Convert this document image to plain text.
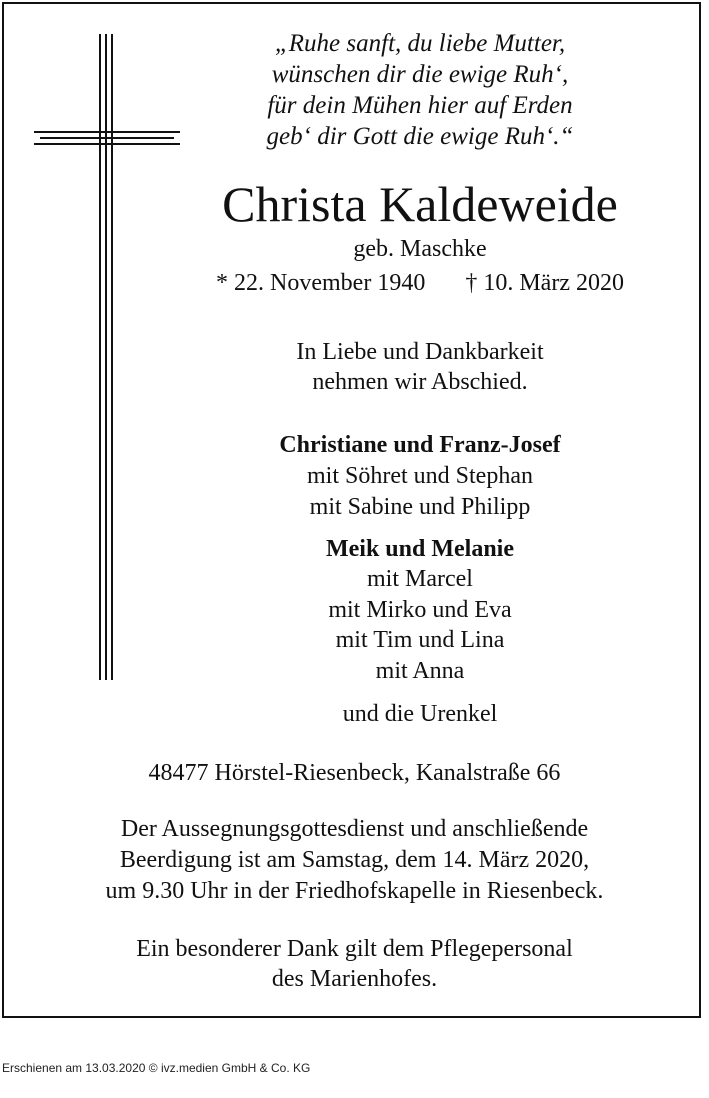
„Ruhe sanft, du liebe Mutter,
wünschen dir die ewige Ruh‘,
für dein Mühen hier auf Erden
geb‘ dir Gott die ewige Ruh‘.“
Christa Kaldeweide
geb. Maschke
* 22. November 1940 † 10. März 2020
In Liebe und Dankbarkeit
nehmen wir Abschied.
Christiane und Franz-Josef
mit Söhret und Stephan
mit Sabine und Philipp
Meik und Melanie
mit Marcel
mit Mirko und Eva
mit Tim und Lina
mit Anna
und die Urenkel
48477 Hörstel-Riesenbeck, Kanalstraße 66
Der Aussegnungsgottesdienst und anschließende
Beerdigung ist am Samstag, dem 14. März 2020,
um 9.30 Uhr in der Friedhofskapelle in Riesenbeck.
Ein besonderer Dank gilt dem Pflegepersonal
des Marienhofes.
Erschienen am 13.03.2020 © ivz.medien GmbH & Co. KG
